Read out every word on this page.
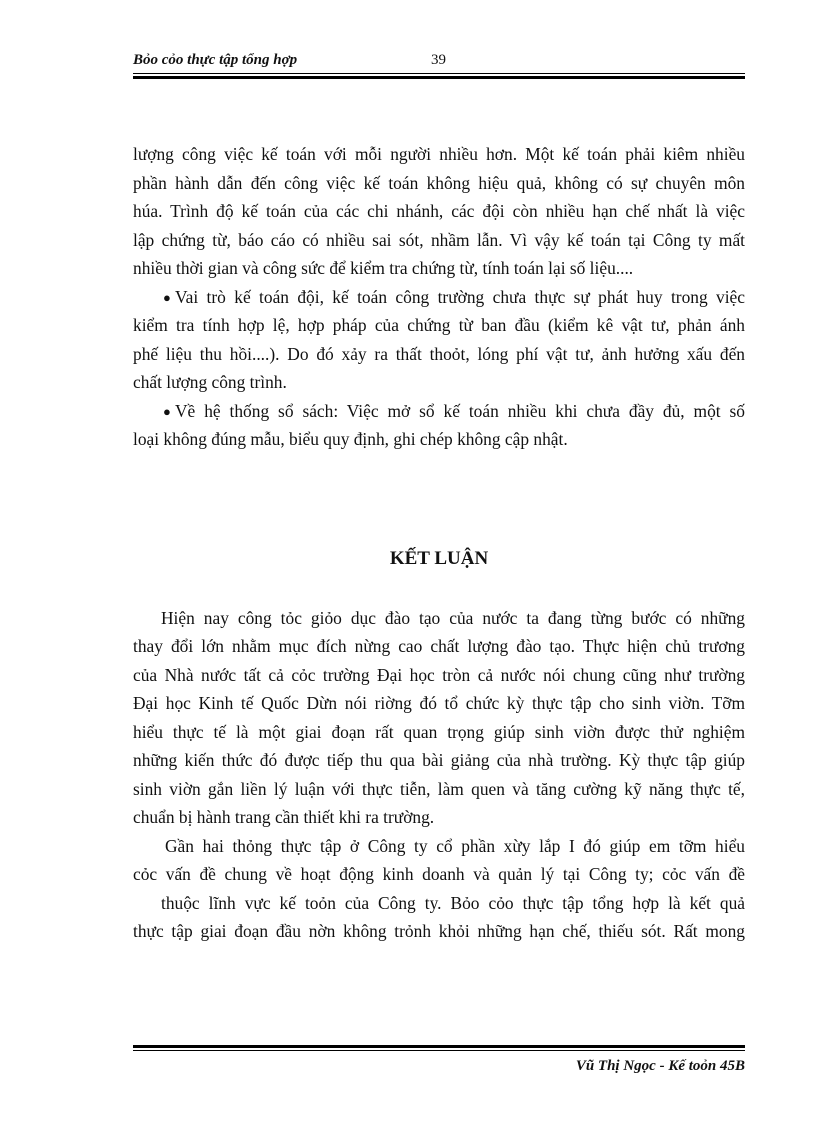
Bỏo cỏo thực tập tổng hợp	39
lượng công việc kế toán với mỗi người nhiều hơn. Một kế toán phải kiêm nhiều
phần hành dẫn đến công việc kế toán không hiệu quả, không có sự chuyên môn
húa. Trình độ kế toán của các chi nhánh, các đội còn nhiều hạn chế nhất là việc
lập chứng từ, báo cáo có nhiều sai sót, nhầm lẫn. Vì vậy kế toán tại Công ty mất
nhiều thời gian và công sức để kiểm tra chứng từ, tính toán lại số liệu....
● Vai trò kế toán đội, kế toán công trường chưa thực sự phát huy trong việc
kiểm tra tính hợp lệ, hợp pháp của chứng từ ban đầu (kiểm kê vật tư, phản ánh
phế liệu thu hồi....). Do đó xảy ra thất thoỏt, lóng phí vật tư, ảnh hưởng xấu đến
chất lượng công trình.
● Về hệ thống sổ sách: Việc mở sổ kế toán nhiều khi chưa đầy đủ, một số
loại không đúng mẫu, biểu quy định, ghi chép không cập nhật.
KẾT LUẬN
Hiện nay công tỏc giỏo dục đào tạo của nước ta đang từng bước có những
thay đổi lớn nhằm mục đích nừng cao chất lượng đào tạo. Thực hiện chủ trương
của Nhà nước tất cả cỏc trường Đại học tròn cả nước nói chung cũng như trường
Đại học Kinh tế Quốc Dừn nói riờng đó tổ chức kỳ thực tập cho sinh viờn. Tỡm
hiểu thực tế là một giai đoạn rất quan trọng giúp sinh viờn được thử nghiệm
những kiến thức đó được tiếp thu qua bài giảng của nhà trường. Kỳ thực tập giúp
sinh viờn gắn liền lý luận với thực tiễn, làm quen và tăng cường kỹ năng thực tế,
chuẩn bị hành trang cần thiết khi ra trường.
Gần hai thỏng thực tập ở Công ty cổ phần xừy lắp I đó giúp em tỡm hiểu
cỏc vấn đề chung về hoạt động kinh doanh và quản lý tại Công ty; cỏc vấn đề
thuộc lĩnh vực kế toỏn của Công ty. Bỏo cỏo thực tập tổng hợp là kết quả
thực tập giai đoạn đầu nờn không trỏnh khỏi những hạn chế, thiếu sót. Rất mong
Vũ Thị Ngọc - Kế toỏn 45B
